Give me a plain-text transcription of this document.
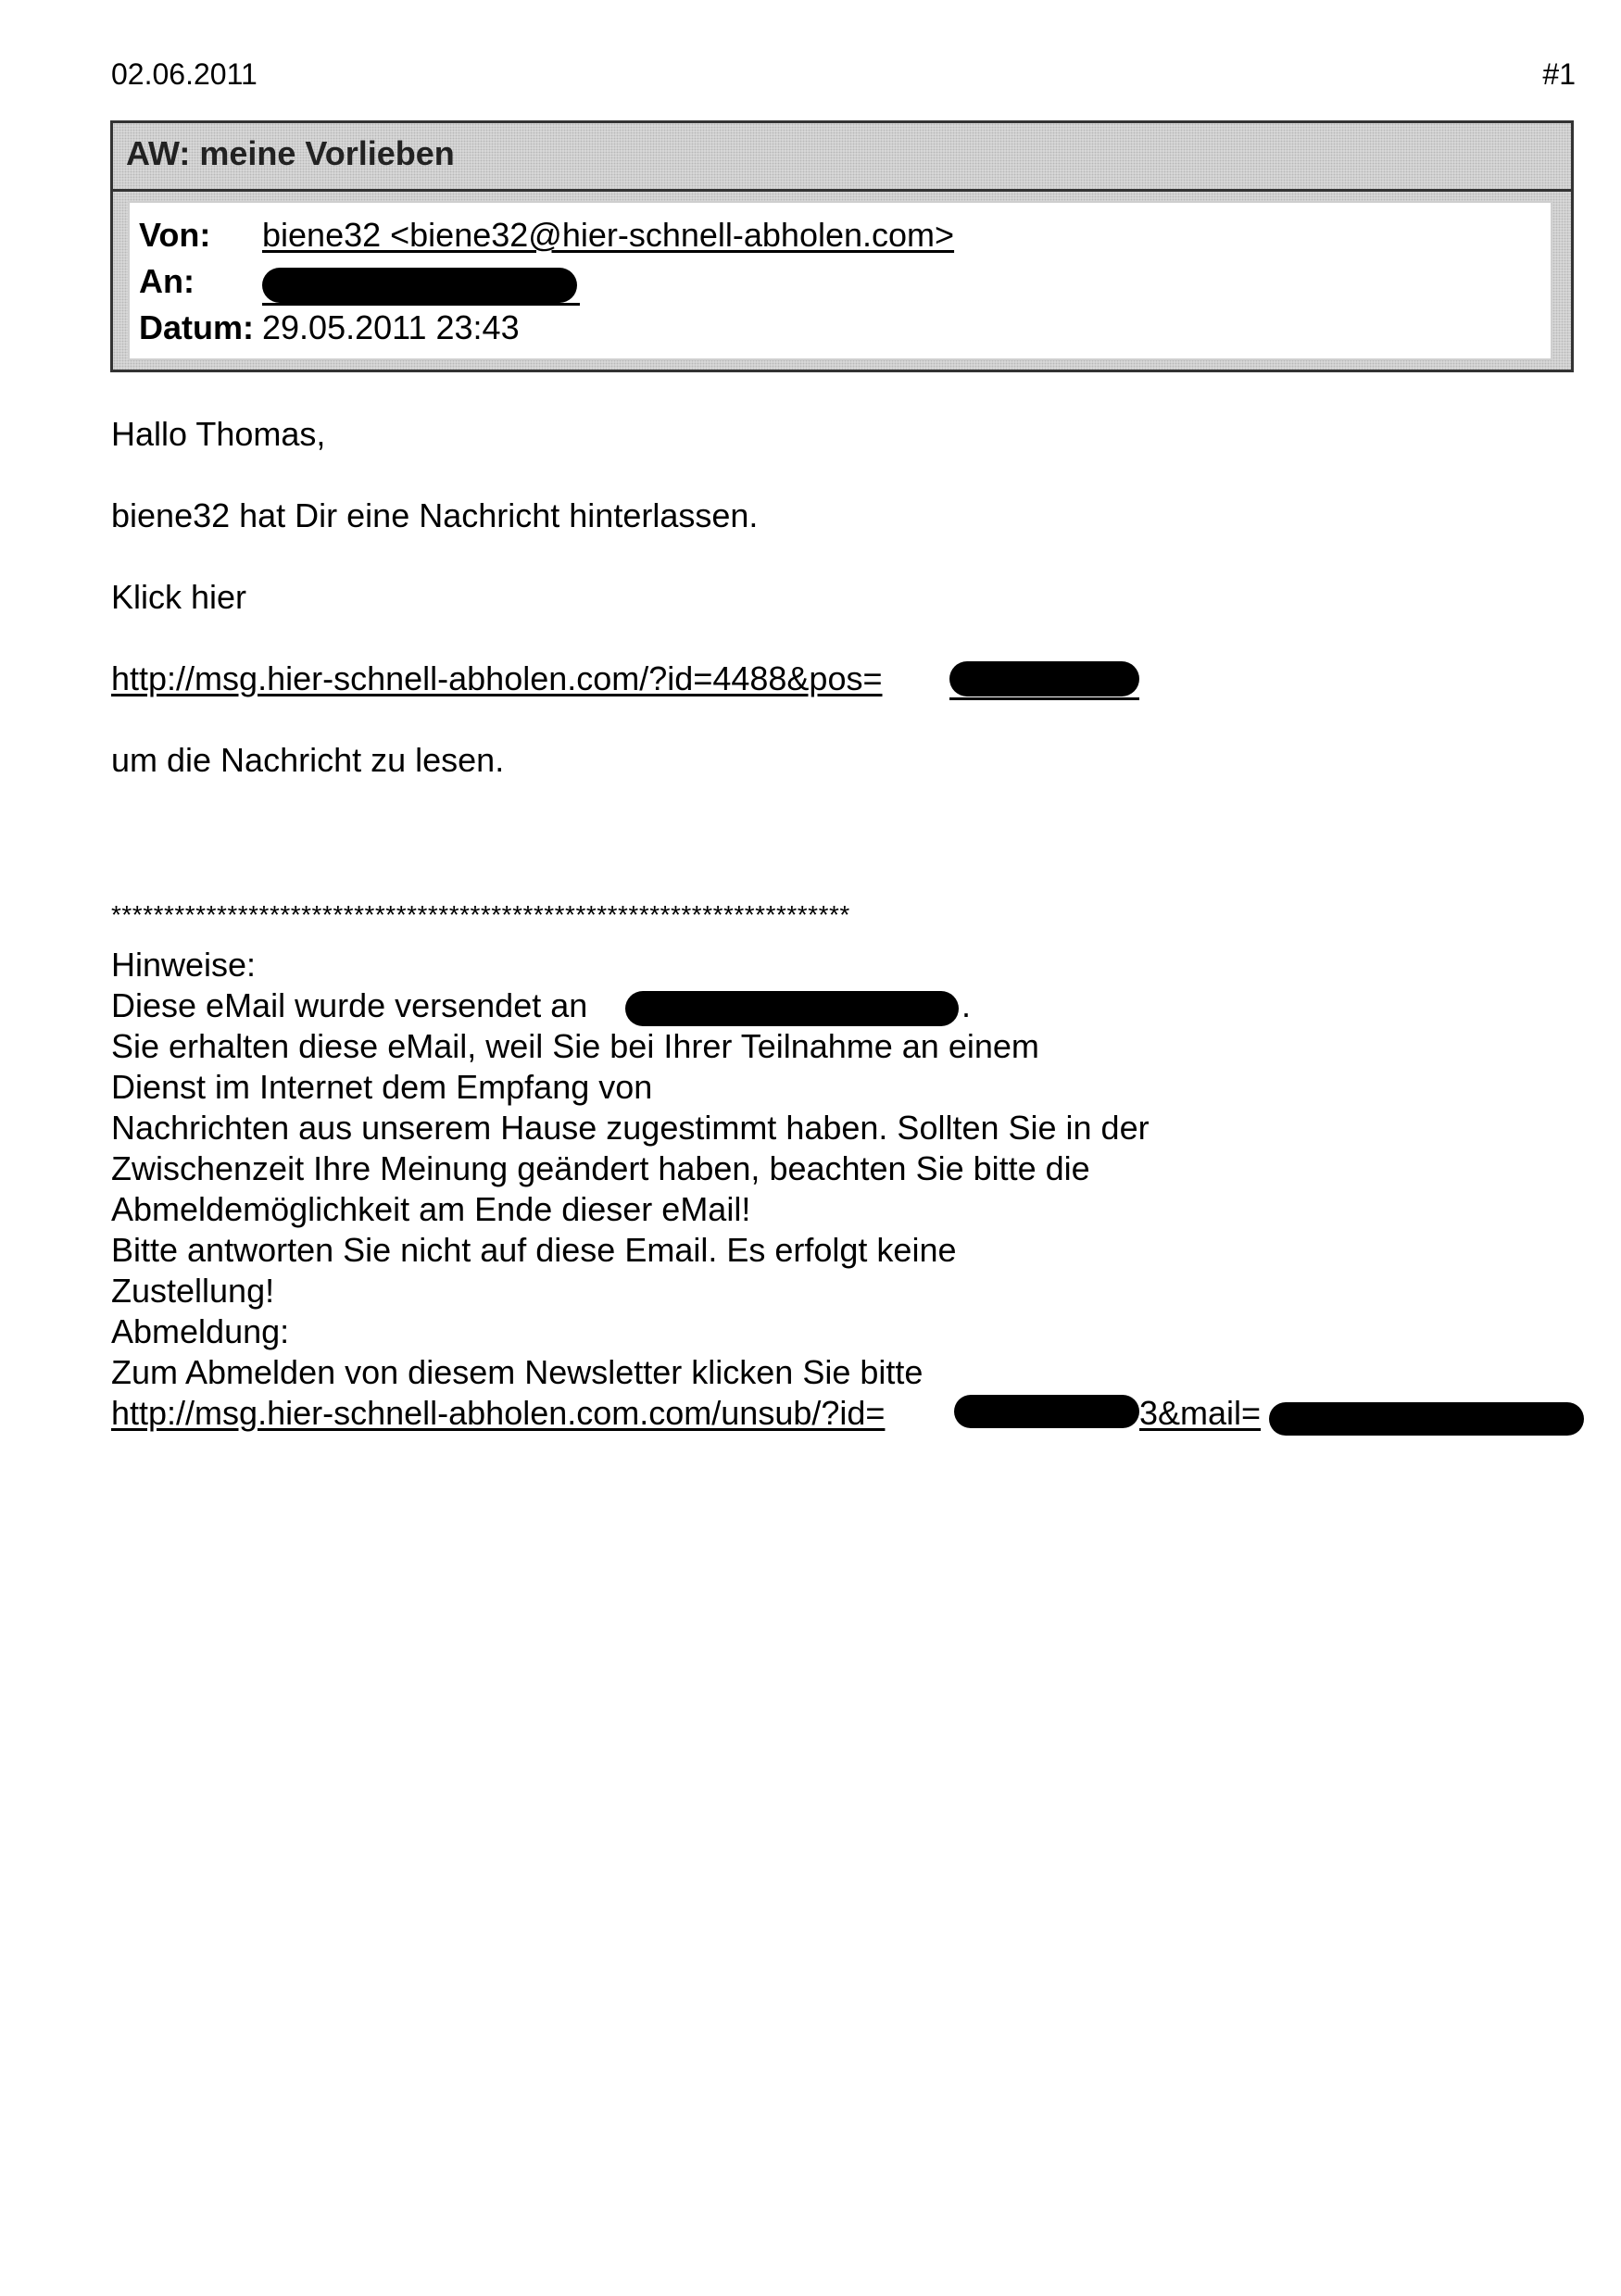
02.06.2011	#1
AW: meine Vorlieben
Von: biene32 <biene32@hier-schnell-abholen.com>
An:
Datum: 29.05.2011 23:43
Hallo Thomas,
biene32 hat Dir eine Nachricht hinterlassen.
Klick hier
http://msg.hier-schnell-abholen.com/?id=4488&pos=
um die Nachricht zu lesen.
**********************************************************************
Hinweise:
Diese eMail wurde versendet an	.
Sie erhalten diese eMail, weil Sie bei Ihrer Teilnahme an einem
Dienst im Internet dem Empfang von
Nachrichten aus unserem Hause zugestimmt haben. Sollten Sie in der
Zwischenzeit Ihre Meinung geändert haben, beachten Sie bitte die
Abmeldemöglichkeit am Ende dieser eMail!
Bitte antworten Sie nicht auf diese Email. Es erfolgt keine
Zustellung!
Abmeldung:
Zum Abmelden von diesem Newsletter klicken Sie bitte
http://msg.hier-schnell-abholen.com.com/unsub/?id=	3&mail=
